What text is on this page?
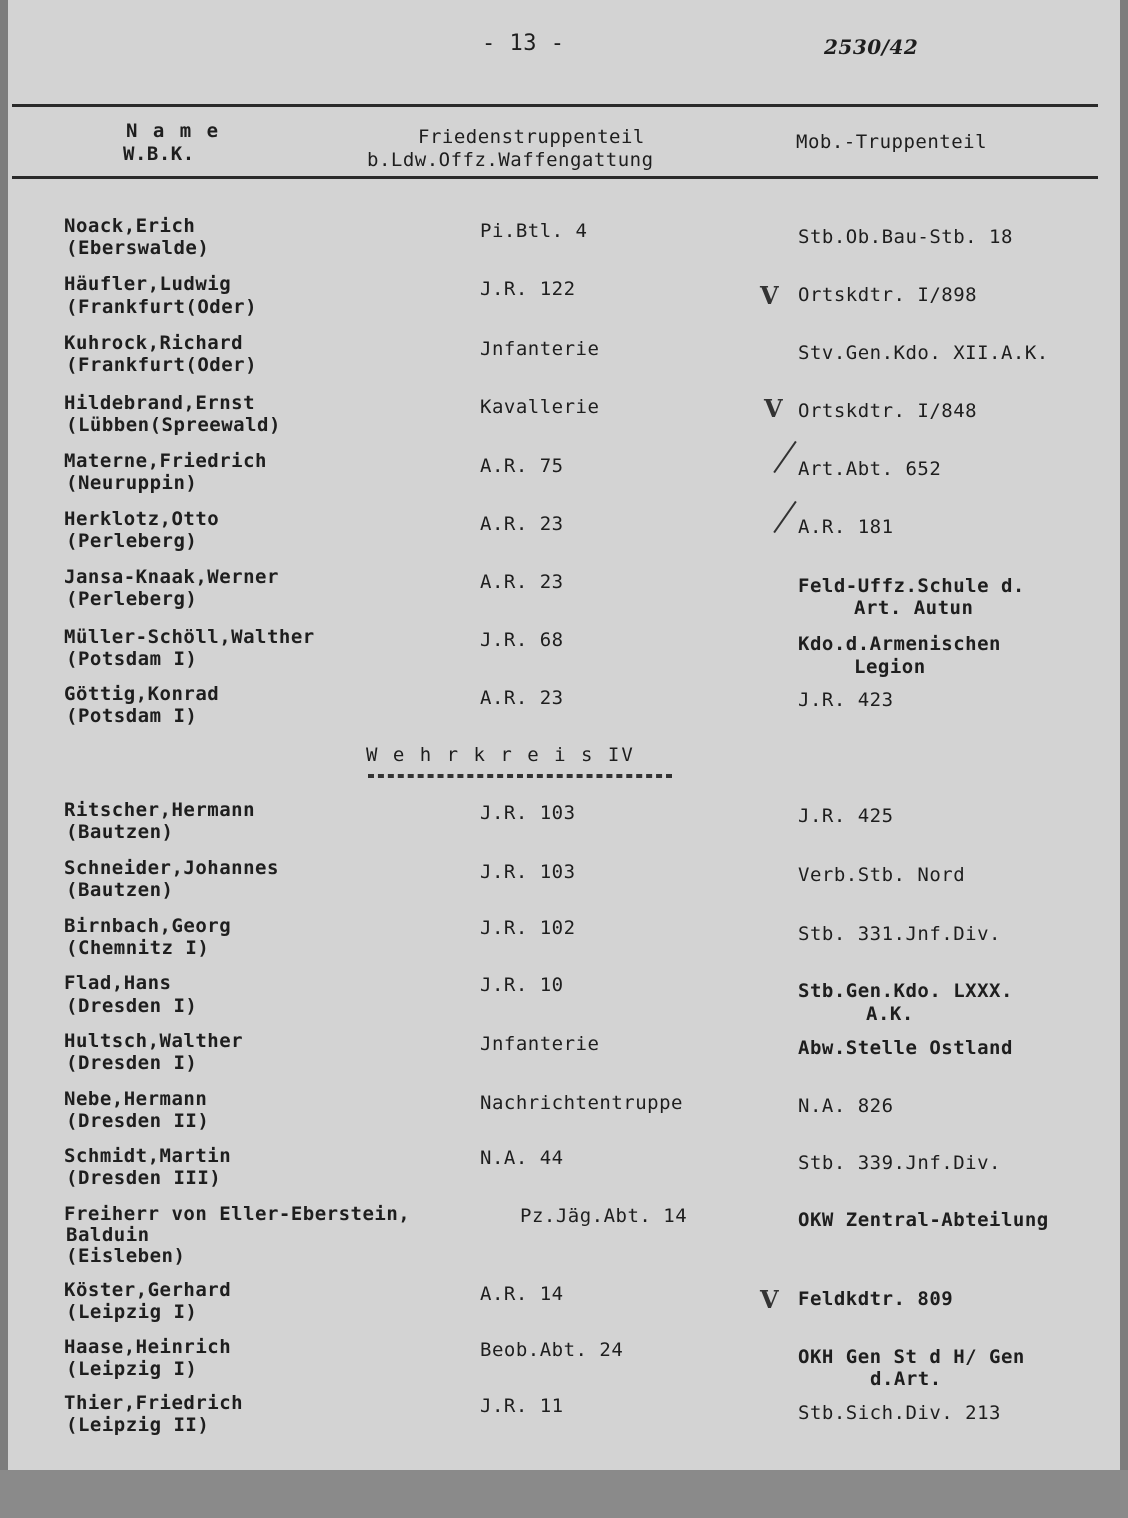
- 13 -	2530/42
N a m e
W.B.K.
Friedenstruppenteil
b.Ldw.Offz.Waffengattung
Mob.-Truppenteil
Noack,Erich
(Eberswalde)
Pi.Btl. 4	Stb.Ob.Bau-Stb. 18
Häufler,Ludwig
(Frankfurt(Oder)
J.R. 122	V Ortskdtr. I/898
Kuhrock,Richard
(Frankfurt(Oder)
Jnfanterie	Stv.Gen.Kdo. XII.A.K.
Hildebrand,Ernst
(Lübben(Spreewald)
Kavallerie	V Ortskdtr. I/848
Materne,Friedrich
(Neuruppin)
A.R. 75	Art.Abt. 652
Herklotz,Otto
(Perleberg)
A.R. 23	A.R. 181
Jansa-Knaak,Werner
(Perleberg)
A.R. 23	Feld-Uffz.Schule d.
Art. Autun
Müller-Schöll,Walther
(Potsdam I)
J.R. 68	Kdo.d.Armenischen
Legion
Göttig,Konrad
(Potsdam I)
A.R. 23	J.R. 423
W e h r k r e i s IV
Ritscher,Hermann
(Bautzen)
J.R. 103	J.R. 425
Schneider,Johannes
(Bautzen)
J.R. 103	Verb.Stb. Nord
Birnbach,Georg
(Chemnitz I)
J.R. 102	Stb. 331.Jnf.Div.
Flad,Hans
(Dresden I)
J.R. 10	Stb.Gen.Kdo. LXXX.
A.K.
Hultsch,Walther
(Dresden I)
Jnfanterie	Abw.Stelle Ostland
Nebe,Hermann
(Dresden II)
Nachrichtentruppe	N.A. 826
Schmidt,Martin
(Dresden III)
N.A. 44	Stb. 339.Jnf.Div.
Freiherr von Eller-Eberstein,
Balduin
(Eisleben)
Pz.Jäg.Abt. 14	OKW Zentral-Abteilung
Köster,Gerhard
(Leipzig I)
A.R. 14	V Feldkdtr. 809
Haase,Heinrich
(Leipzig I)
Beob.Abt. 24	OKH Gen St d H/ Gen
d.Art.
Thier,Friedrich
(Leipzig II)
J.R. 11	Stb.Sich.Div. 213
